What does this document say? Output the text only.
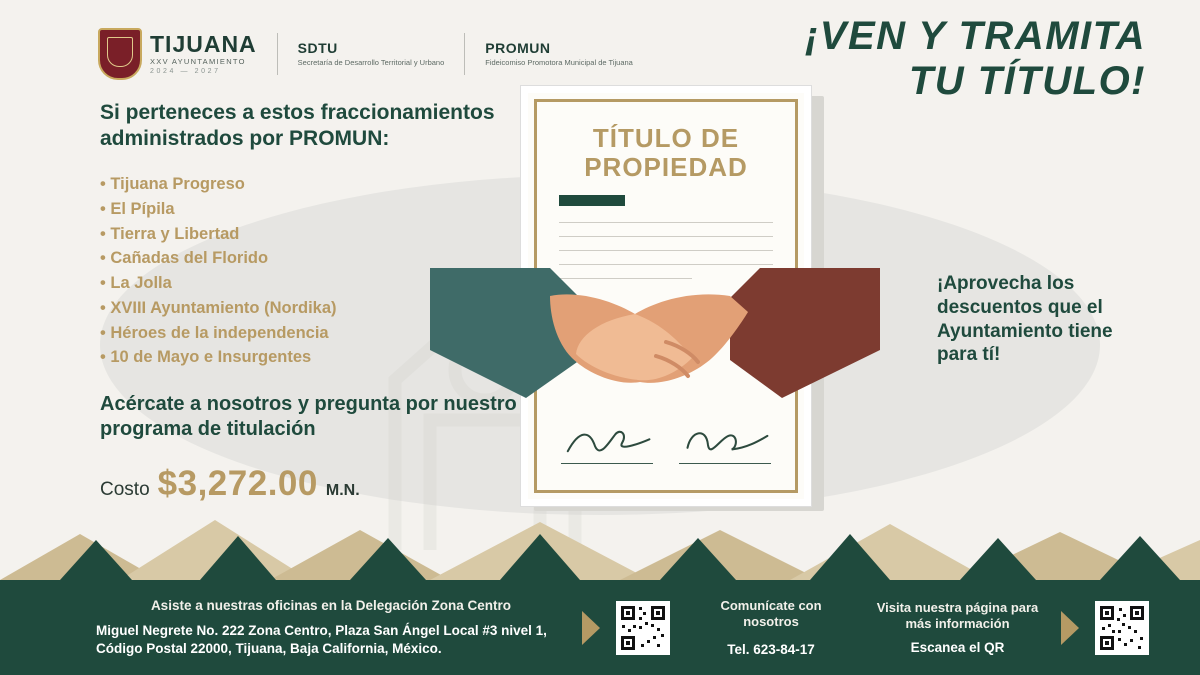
TIJUANA
XXV AYUNTAMIENTO
2024 — 2027
SDTU
Secretaría de Desarrollo Territorial y Urbano
PROMUN
Fideicomiso Promotora Municipal de Tijuana
¡VEN Y TRAMITA
TU TÍTULO!
Si perteneces a estos fraccionamientos administrados por PROMUN:
• Tijuana Progreso
• El Pípila
• Tierra y Libertad
• Cañadas del Florido
• La Jolla
• XVIII Ayuntamiento (Nordika)
• Héroes de la independencia
• 10 de Mayo e Insurgentes
Acércate a nosotros y pregunta por nuestro programa de titulación
Costo $3,272.00 M.N.
¡Aprovecha los descuentos que el Ayuntamiento tiene para tí!
TÍTULO DE
PROPIEDAD
Asiste a nuestras oficinas en la Delegación Zona Centro
Miguel Negrete No. 222 Zona Centro, Plaza San Ángel Local #3 nivel 1, Código Postal 22000, Tijuana, Baja California, México.
Comunícate con nosotros
Tel. 623-84-17
Visita nuestra página para más información
Escanea el QR
